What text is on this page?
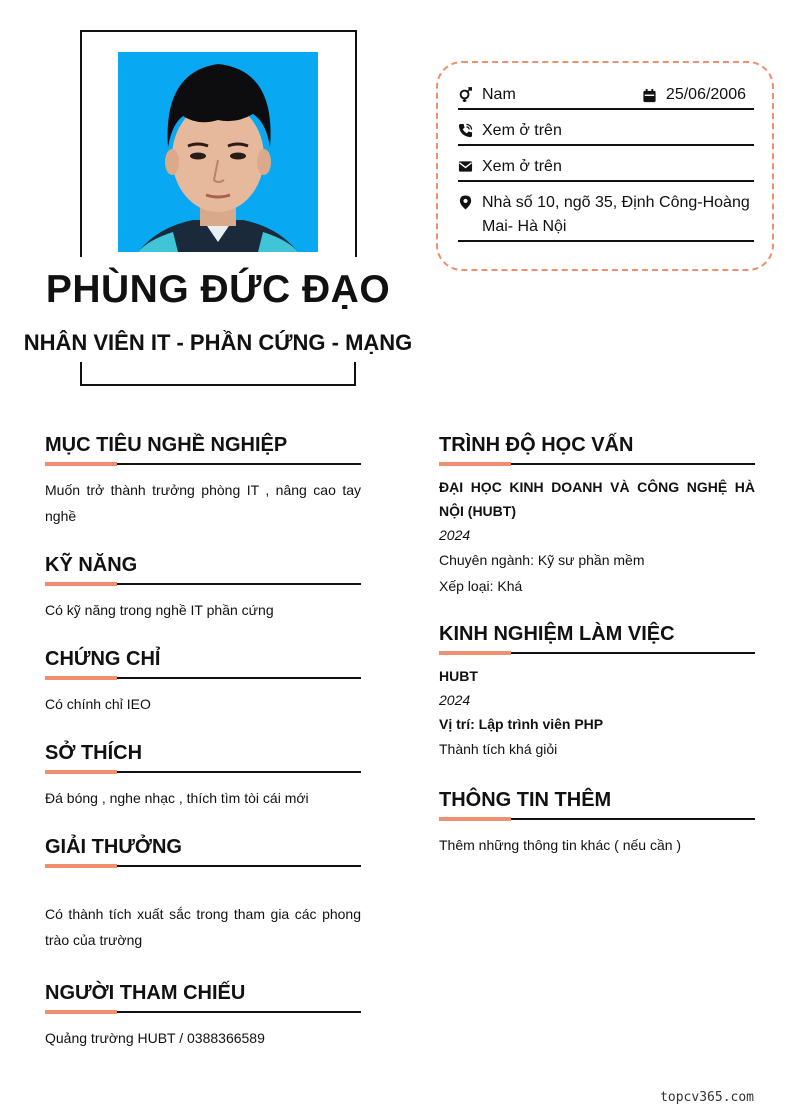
PHÙNG ĐỨC ĐẠO
NHÂN VIÊN IT - PHẦN CỨNG - MẠNG
Nam	25/06/2006
Xem ở trên
Xem ở trên
Nhà số 10, ngõ 35, Định Công-Hoàng Mai- Hà Nội
MỤC TIÊU NGHỀ NGHIỆP
Muốn trở thành trưởng phòng IT , nâng cao tay nghề
KỸ NĂNG
Có kỹ năng trong nghề IT phần cứng
CHỨNG CHỈ
Có chính chỉ IEO
SỞ THÍCH
Đá bóng , nghe nhạc , thích tìm tòi cái mới
GIẢI THƯỞNG
Có thành tích xuất sắc trong tham gia các phong trào của trường
NGƯỜI THAM CHIẾU
Quảng trường HUBT / 0388366589
TRÌNH ĐỘ HỌC VẤN
ĐẠI HỌC KINH DOANH VÀ CÔNG NGHỆ HÀ NỘI (HUBT)
2024
Chuyên ngành: Kỹ sư phần mềm
Xếp loại: Khá
KINH NGHIỆM LÀM VIỆC
HUBT
2024
Vị trí: Lập trình viên PHP
Thành tích khá giỏi
THÔNG TIN THÊM
Thêm những thông tin khác ( nếu cần )
topcv365.com
